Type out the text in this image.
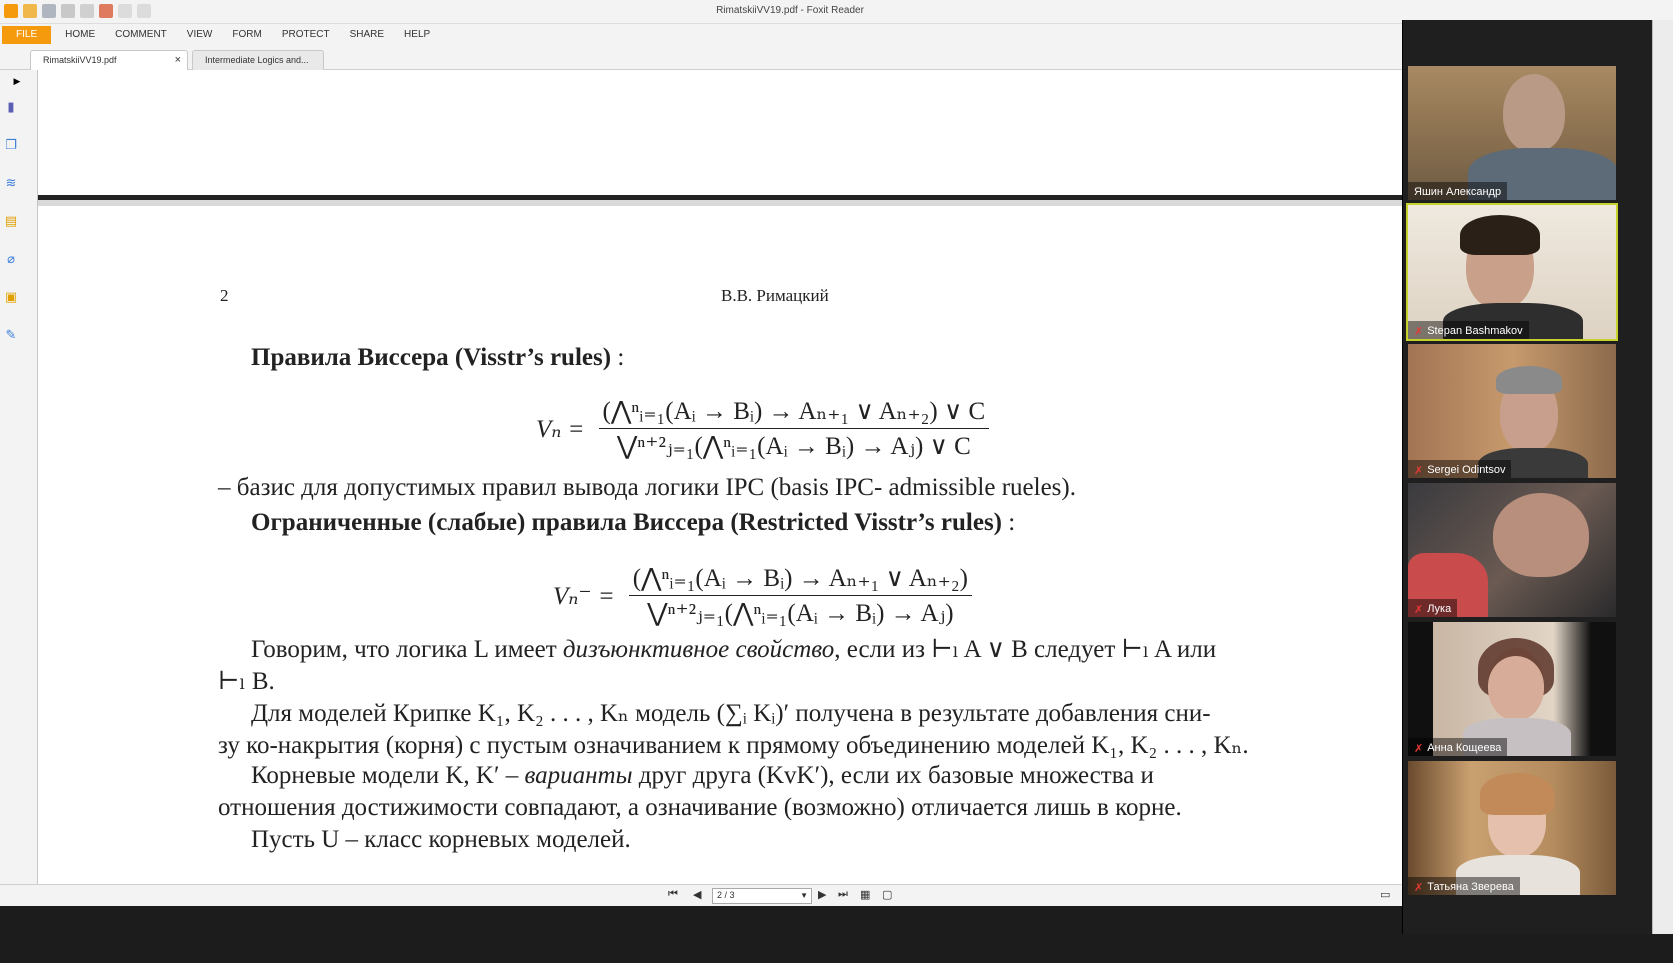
RimatskiiVV19.pdf - Foxit Reader
FILE	HOME	COMMENT	VIEW	FORM	PROTECT	SHARE	HELP
RimatskiiVV19.pdf	×	Intermediate Logics and...
▶
▮
❐
≋
▤
⌀
▣
✎
2	В.В. Римацкий
Правила Виссера (Visstr’s rules) :
$V_n = \frac{\text{(⋀ⁿᵢ₌₁(Aᵢ → Bᵢ) → Aₙ₊₁ ∨ Aₙ₊₂) ∨ C}}{\text{⋁ⁿ⁺²ⱼ₌₁(⋀ⁿᵢ₌₁(Aᵢ → Bᵢ) → Aⱼ) ∨ C}}$
– базис для допустимых правил вывода логики IPC (basis IPC- admissible rueles).
Ограниченные (слабые) правила Виссера (Restricted Visstr’s rules) :
$V_n^- = \frac{\text{(⋀ⁿᵢ₌₁(Aᵢ → Bᵢ) → Aₙ₊₁ ∨ Aₙ₊₂)}}{\text{⋁ⁿ⁺²ⱼ₌₁(⋀ⁿᵢ₌₁(Aᵢ → Bᵢ) → Aⱼ)}}$
Говорим, что логика L имеет дизъюнктивное свойство, если из ⊢ₗ A ∨ B следует ⊢ₗ A или
⊢ₗ B.
Для моделей Крипке K₁, K₂ . . . , Kₙ модель (∑ᵢ Kᵢ)′ получена в результате добавления сни-
зу ко-накрытия (корня) с пустым означиванием к прямому объединению моделей K₁, K₂ . . . , Kₙ.
Корневые модели K, K′ – варианты друг друга (KvK′), если их базовые множества и
отношения достижимости совпадают, а означивание (возможно) отличается лишь в корне.
Пусть U – класс корневых моделей.
⏮ ◀	2 / 3	▼ ▶ ⏭ ▦ ▢	▭
Яшин Александр
✗ Stepan Bashmakov
✗ Sergei Odintsov
✗ Лука
✗ Анна Кощеева
✗ Татьяна Зверева
